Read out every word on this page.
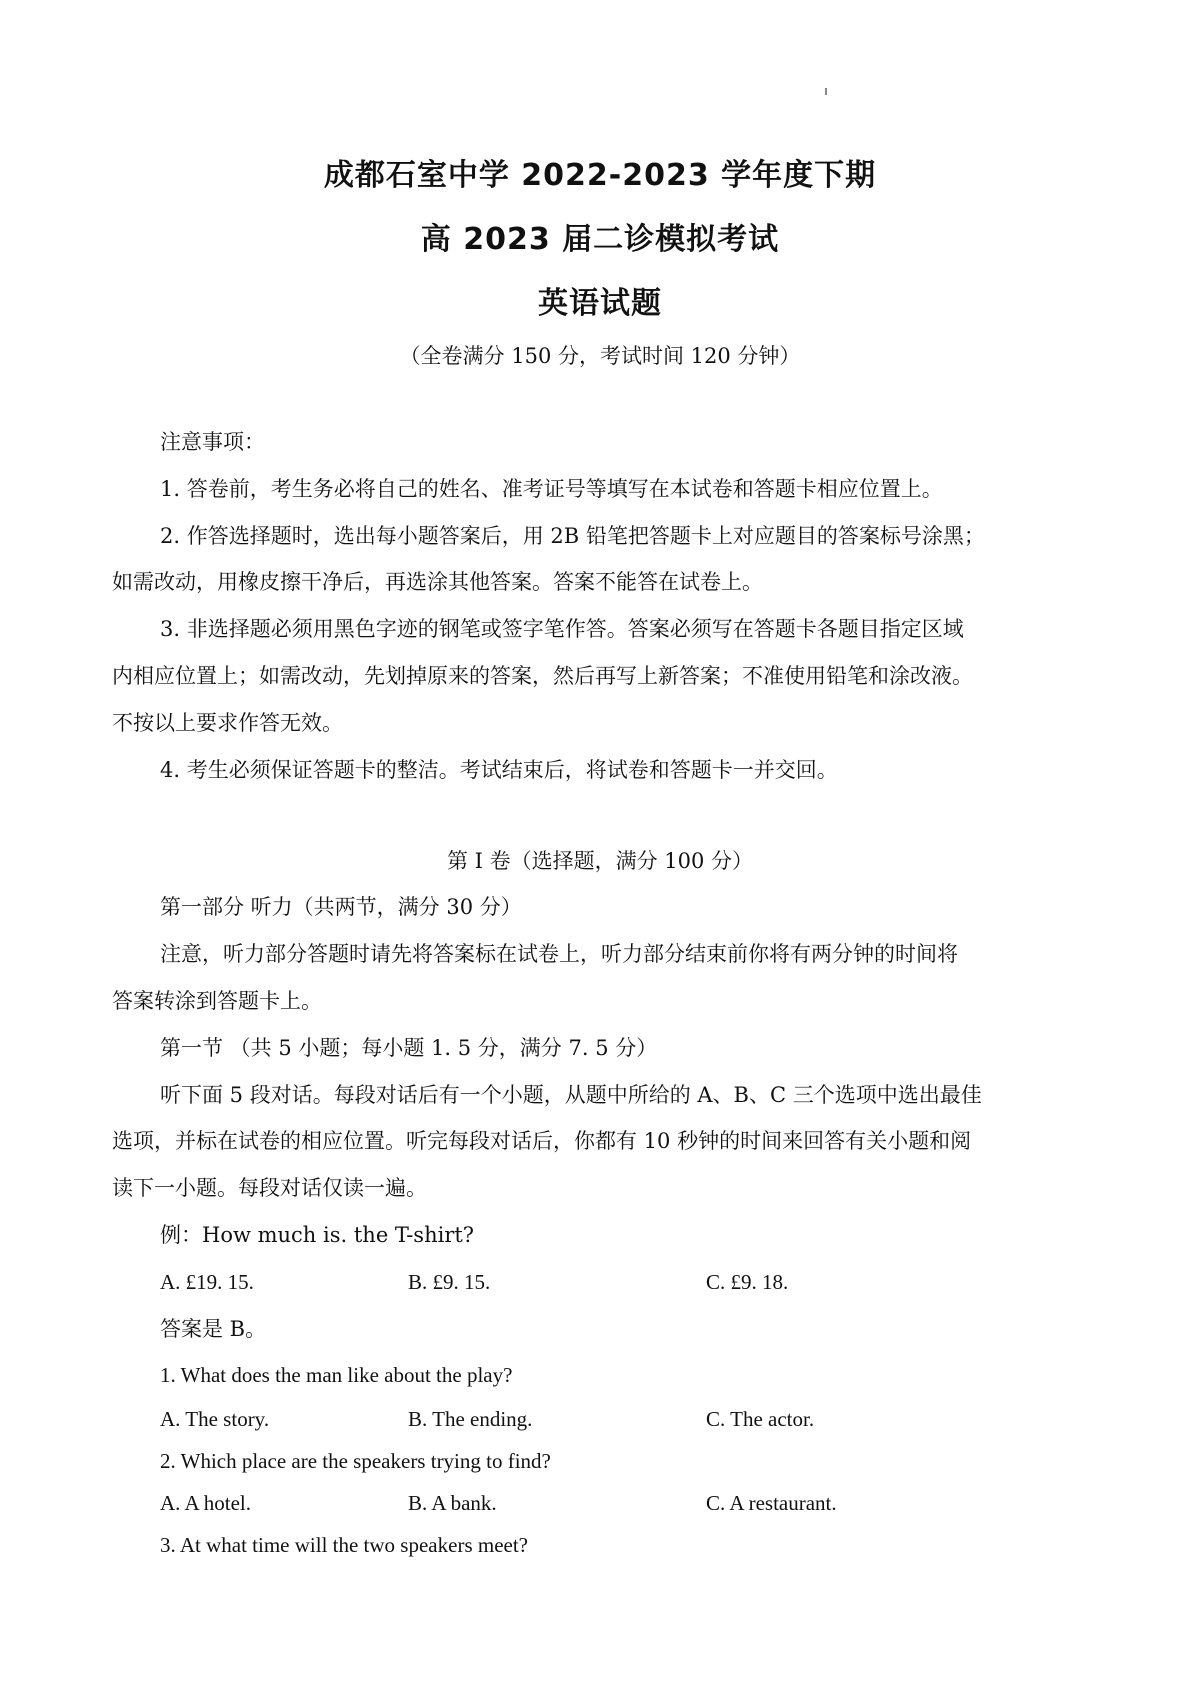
成都石室中学 2022-2023 学年度下期
高 2023 届二诊模拟考试
英语试题
（全卷满分 150 分，考试时间 120 分钟）
注意事项：
1. 答卷前，考生务必将自己的姓名、准考证号等填写在本试卷和答题卡相应位置上。
2. 作答选择题时，选出每小题答案后，用 2B 铅笔把答题卡上对应题目的答案标号涂黑；
如需改动，用橡皮擦干净后，再选涂其他答案。答案不能答在试卷上。
3. 非选择题必须用黑色字迹的钢笔或签字笔作答。答案必须写在答题卡各题目指定区域
内相应位置上；如需改动，先划掉原来的答案，然后再写上新答案；不准使用铅笔和涂改液。
不按以上要求作答无效。
4. 考生必须保证答题卡的整洁。考试结束后，将试卷和答题卡一并交回。
第 I 卷（选择题，满分 100 分）
第一部分 听力（共两节，满分 30 分）
注意，听力部分答题时请先将答案标在试卷上，听力部分结束前你将有两分钟的时间将
答案转涂到答题卡上。
第一节 （共 5 小题；每小题 1. 5 分，满分 7. 5 分）
听下面 5 段对话。每段对话后有一个小题，从题中所给的 A、B、C 三个选项中选出最佳
选项，并标在试卷的相应位置。听完每段对话后，你都有 10 秒钟的时间来回答有关小题和阅
读下一小题。每段对话仅读一遍。
例：How much is. the T-shirt?
A. £19. 15.	B. £9. 15.	C. £9. 18.
答案是 B。
1. What does the man like about the play?
A. The story.	B. The ending.	C. The actor.
2. Which place are the speakers trying to find?
A. A hotel.	B. A bank.	C. A restaurant.
3. At what time will the two speakers meet?
